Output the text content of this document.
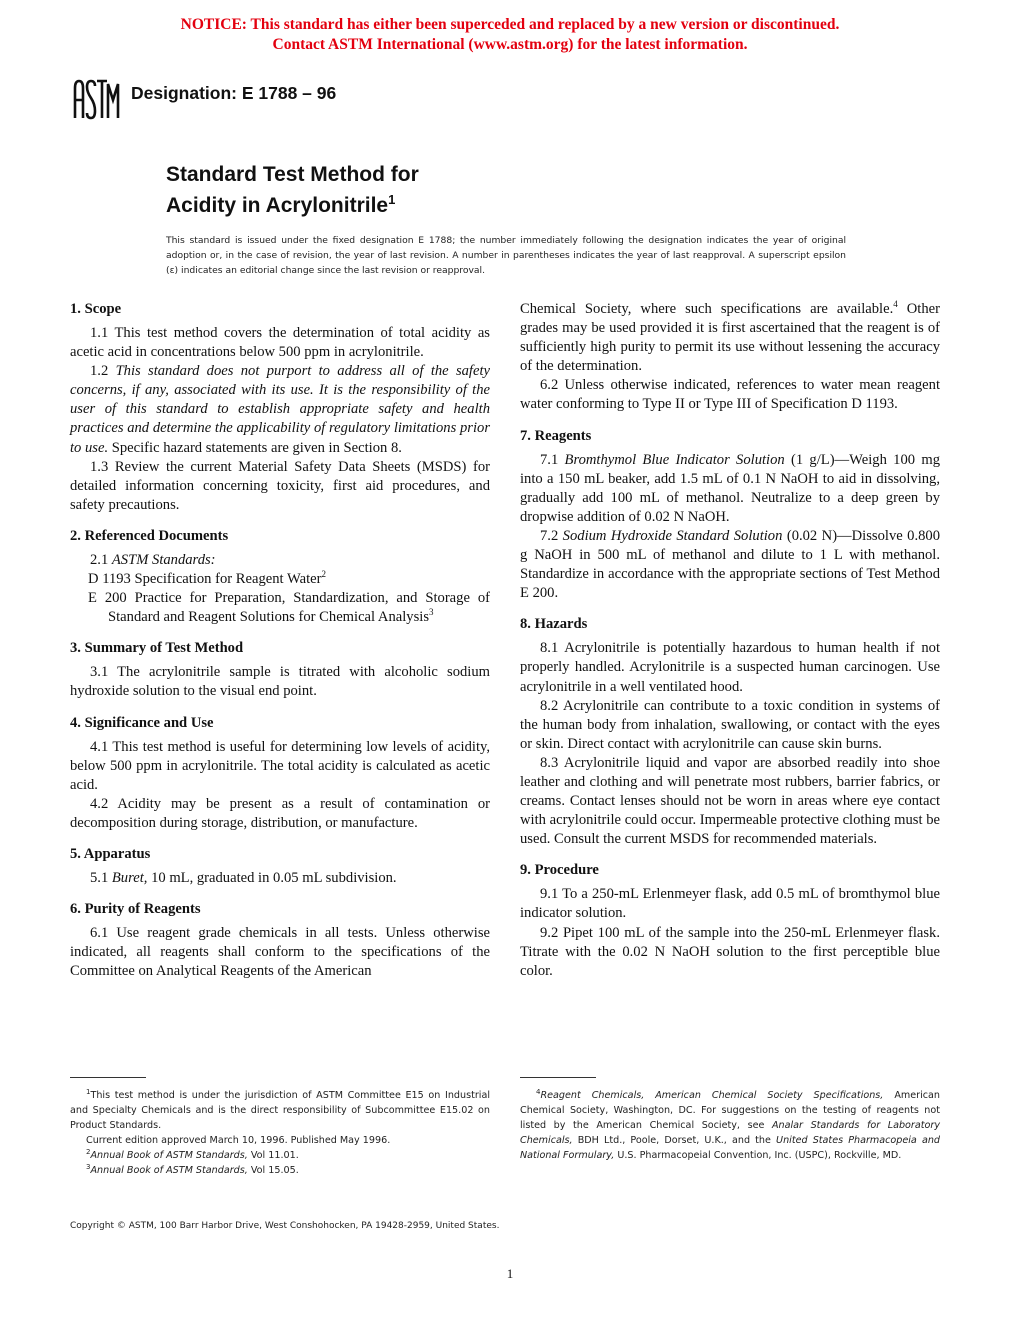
NOTICE: This standard has either been superceded and replaced by a new version or discontinued.
Contact ASTM International (www.astm.org) for the latest information.
Designation: E 1788 – 96
Standard Test Method for
Acidity in Acrylonitrile$^1$
This standard is issued under the fixed designation E 1788; the number immediately following the designation indicates the year of original adoption or, in the case of revision, the year of last revision. A number in parentheses indicates the year of last reapproval. A superscript epsilon (ε) indicates an editorial change since the last revision or reapproval.
1. Scope

1.1 This test method covers the determination of total acidity as acetic acid in concentrations below 500 ppm in acrylonitrile.

1.2 This standard does not purport to address all of the safety concerns, if any, associated with its use. It is the responsibility of the user of this standard to establish appropriate safety and health practices and determine the applicability of regulatory limitations prior to use. Specific hazard statements are given in Section 8.

1.3 Review the current Material Safety Data Sheets (MSDS) for detailed information concerning toxicity, first aid procedures, and safety precautions.

2. Referenced Documents

2.1 ASTM Standards:

D 1193 Specification for Reagent Water$^2$

E 200 Practice for Preparation, Standardization, and Storage of Standard and Reagent Solutions for Chemical Analysis$^3$

3. Summary of Test Method

3.1 The acrylonitrile sample is titrated with alcoholic sodium hydroxide solution to the visual end point.

4. Significance and Use

4.1 This test method is useful for determining low levels of acidity, below 500 ppm in acrylonitrile. The total acidity is calculated as acetic acid.

4.2 Acidity may be present as a result of contamination or decomposition during storage, distribution, or manufacture.

5. Apparatus

5.1 Buret, 10 mL, graduated in 0.05 mL subdivision.

6. Purity of Reagents

6.1 Use reagent grade chemicals in all tests. Unless otherwise indicated, all reagents shall conform to the specifications of the Committee on Analytical Reagents of the American

Chemical Society, where such specifications are available.$^4$ Other grades may be used provided it is first ascertained that the reagent is of sufficiently high purity to permit its use without lessening the accuracy of the determination.

6.2 Unless otherwise indicated, references to water mean reagent water conforming to Type II or Type III of Specification D 1193.

7. Reagents

7.1 Bromthymol Blue Indicator Solution (1 g/L)—Weigh 100 mg into a 150 mL beaker, add 1.5 mL of 0.1 N NaOH to aid in dissolving, gradually add 100 mL of methanol. Neutralize to a deep green by dropwise addition of 0.02 N NaOH.

7.2 Sodium Hydroxide Standard Solution (0.02 N)—Dissolve 0.800 g NaOH in 500 mL of methanol and dilute to 1 L with methanol. Standardize in accordance with the appropriate sections of Test Method E 200.

8. Hazards

8.1 Acrylonitrile is potentially hazardous to human health if not properly handled. Acrylonitrile is a suspected human carcinogen. Use acrylonitrile in a well ventilated hood.

8.2 Acrylonitrile can contribute to a toxic condition in systems of the human body from inhalation, swallowing, or contact with the eyes or skin. Direct contact with acrylonitrile can cause skin burns.

8.3 Acrylonitrile liquid and vapor are absorbed readily into shoe leather and clothing and will penetrate most rubbers, barrier fabrics, or creams. Contact lenses should not be worn in areas where eye contact with acrylonitrile could occur. Impermeable protective clothing must be used. Consult the current MSDS for recommended materials.

9. Procedure

9.1 To a 250-mL Erlenmeyer flask, add 0.5 mL of bromthymol blue indicator solution.

9.2 Pipet 100 mL of the sample into the 250-mL Erlenmeyer flask. Titrate with the 0.02 N NaOH solution to the first perceptible blue color.

$^1$This test method is under the jurisdiction of ASTM Committee E15 on Industrial and Specialty Chemicals and is the direct responsibility of Subcommittee E15.02 on Product Standards.

Current edition approved March 10, 1996. Published May 1996.

$^2$Annual Book of ASTM Standards, Vol 11.01.

$^3$Annual Book of ASTM Standards, Vol 15.05.

$^4$Reagent Chemicals, American Chemical Society Specifications, American Chemical Society, Washington, DC. For suggestions on the testing of reagents not listed by the American Chemical Society, see Analar Standards for Laboratory Chemicals, BDH Ltd., Poole, Dorset, U.K., and the United States Pharmacopeia and National Formulary, U.S. Pharmacopeial Convention, Inc. (USPC), Rockville, MD.

Copyright © ASTM, 100 Barr Harbor Drive, West Conshohocken, PA 19428-2959, United States.
1
